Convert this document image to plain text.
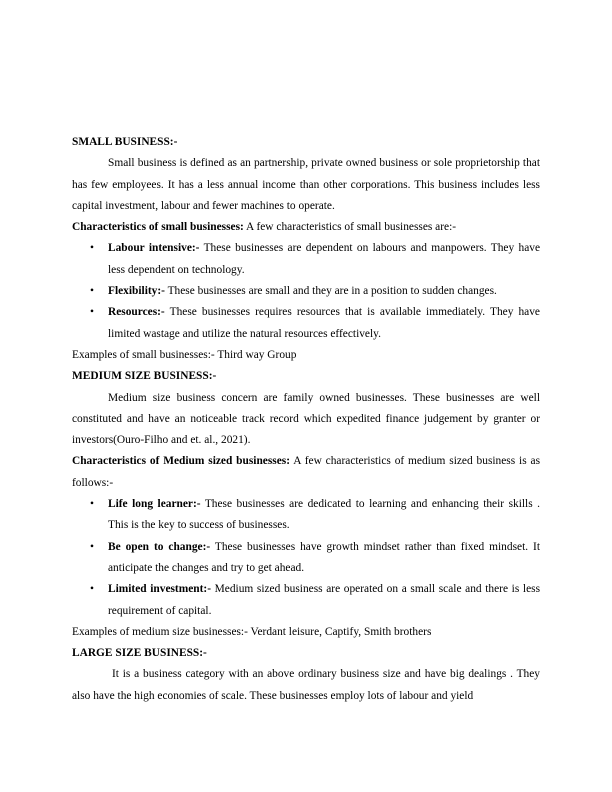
SMALL BUSINESS:-

Small business is defined as an partnership, private owned business or sole proprietorship that has few employees. It has a less annual income than other corporations. This business includes less capital investment, labour and fewer machines to operate.

Characteristics of small businesses: A few characteristics of small businesses are:-

•	Labour intensive:- These businesses are dependent on labours and manpowers. They have less dependent on technology.
•	Flexibility:- These businesses are small and they are in a position to sudden changes.
•	Resources:- These businesses requires resources that is available immediately. They have limited wastage and utilize the natural resources effectively.

Examples of small businesses:- Third way Group

MEDIUM SIZE BUSINESS:-

Medium size business concern are family owned businesses. These businesses are well constituted and have an noticeable track record which expedited finance judgement by granter or investors(Ouro-Filho and et. al., 2021).

Characteristics of Medium sized businesses: A few characteristics of medium sized business is as follows:-

•	Life long learner:- These businesses are dedicated to learning and enhancing their skills . This is the key to success of businesses.
•	Be open to change:- These businesses have growth mindset rather than fixed mindset. It anticipate the changes and try to get ahead.
•	Limited investment:- Medium sized business are operated on a small scale and there is less requirement of capital.

Examples of medium size businesses:- Verdant leisure, Captify, Smith brothers

LARGE SIZE BUSINESS:-

It is a business category with an above ordinary business size and have big dealings . They also have the high economies of scale. These businesses employ lots of labour and yield
